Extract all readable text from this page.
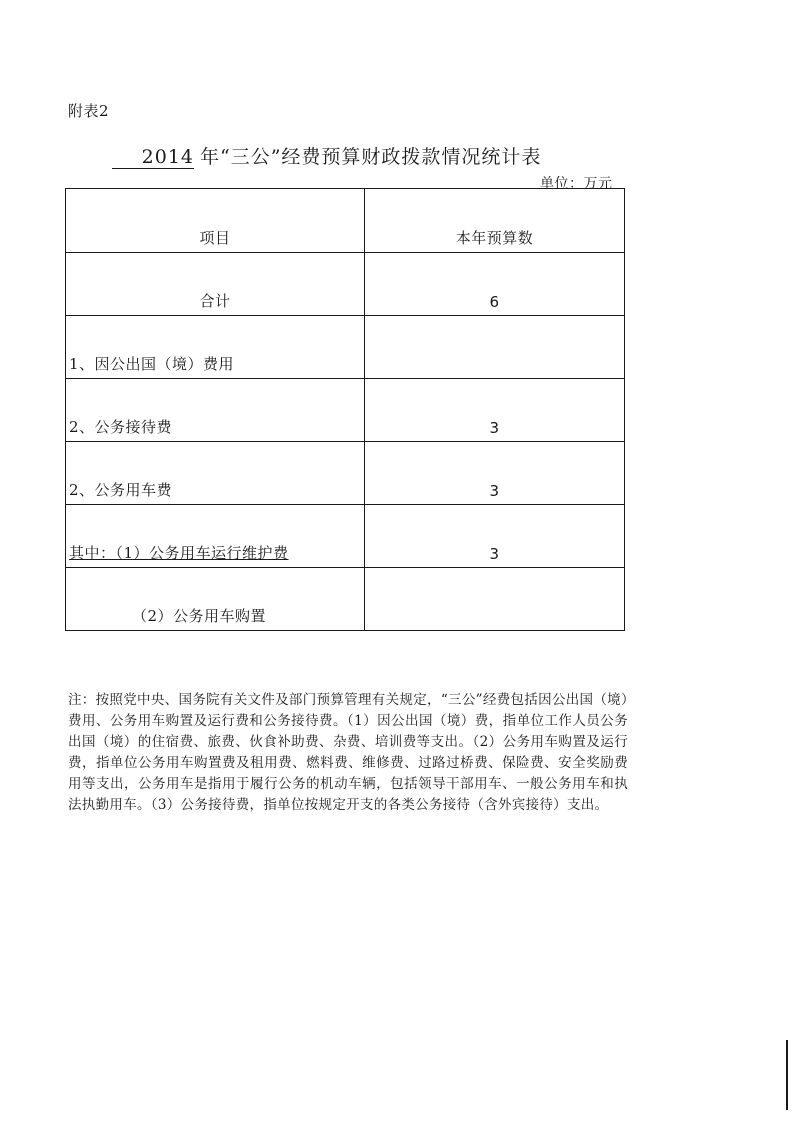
附表2
2014 年“三公”经费预算财政拨款情况统计表
单位：万元
项目	本年预算数
合计	6
1、因公出国（境）费用
2、公务接待费	3
2、公务用车费	3
其中：（1）公务用车运行维护费	3
（2）公务用车购置
注：按照党中央、国务院有关文件及部门预算管理有关规定，“三公”经费包括因公出国（境）费用、公务用车购置及运行费和公务接待费。（1）因公出国（境）费，指单位工作人员公务出国（境）的住宿费、旅费、伙食补助费、杂费、培训费等支出。（2）公务用车购置及运行费，指单位公务用车购置费及租用费、燃料费、维修费、过路过桥费、保险费、安全奖励费用等支出，公务用车是指用于履行公务的机动车辆，包括领导干部用车、一般公务用车和执法执勤用车。（3）公务接待费，指单位按规定开支的各类公务接待（含外宾接待）支出。
